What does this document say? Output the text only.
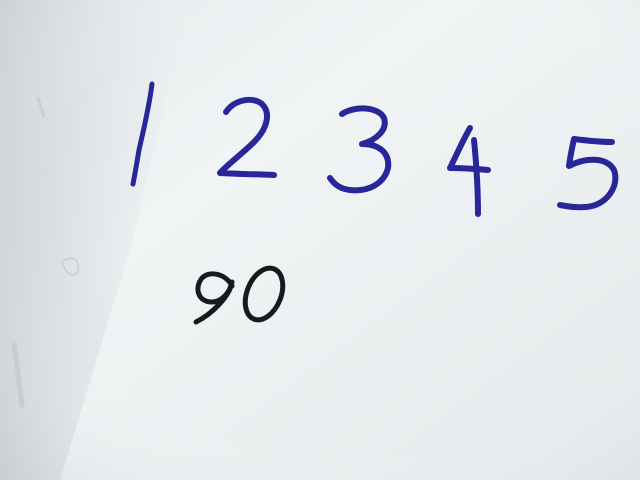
1 2 3 4 5
90
